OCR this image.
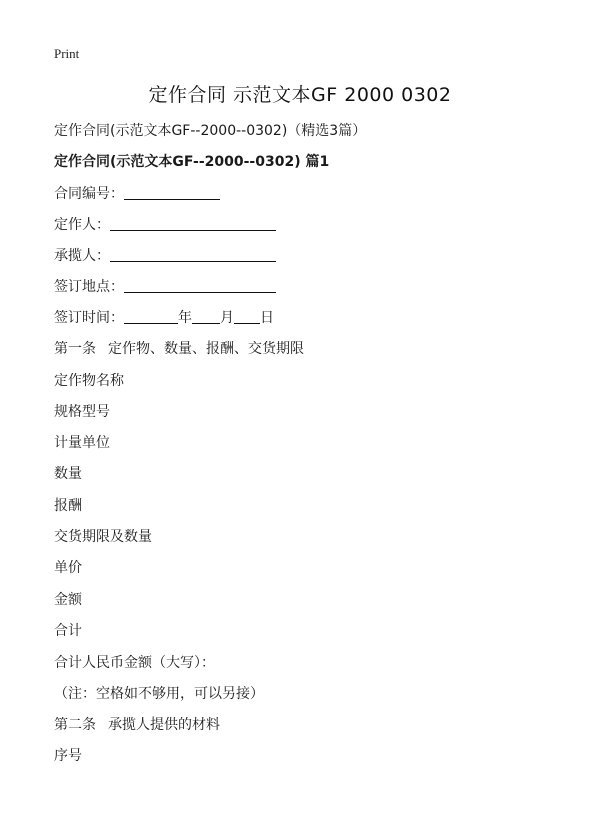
Print
定作合同 示范文本GF 2000 0302
定作合同(示范文本GF--2000--0302)（精选3篇）
定作合同(示范文本GF--2000--0302) 篇1
合同编号：
定作人：
承揽人：
签订地点：
签订时间：	年 月 日
第一条 定作物、数量、报酬、交货期限
定作物名称
规格型号
计量单位
数量
报酬
交货期限及数量
单价
金额
合计
合计人民币金额（大写）：
（注：空格如不够用，可以另接）
第二条 承揽人提供的材料
序号
